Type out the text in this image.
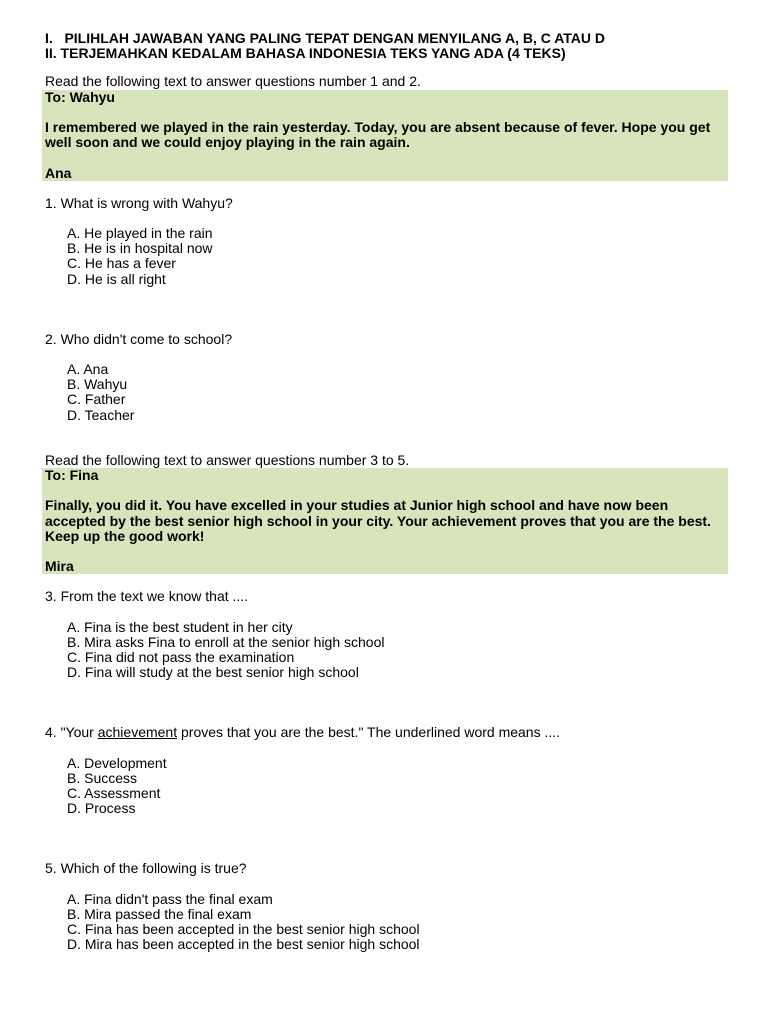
I.   PILIHLAH JAWABAN YANG PALING TEPAT DENGAN MENYILANG A, B, C ATAU D
II. TERJEMAHKAN KEDALAM BAHASA INDONESIA TEKS YANG ADA (4 TEKS)
Read the following text to answer questions number 1 and 2.

To: Wahyu

I remembered we played in the rain yesterday. Today, you are absent because of fever. Hope you get well soon and we could enjoy playing in the rain again.

Ana

1. What is wrong with Wahyu?
A. He played in the rain
B. He is in hospital now
C. He has a fever
D. He is all right
2. Who didn't come to school?
A. Ana
B. Wahyu
C. Father
D. Teacher
Read the following text to answer questions number 3 to 5.

To: Fina

Finally, you did it. You have excelled in your studies at Junior high school and have now been accepted by the best senior high school in your city. Your achievement proves that you are the best. Keep up the good work!

Mira

3. From the text we know that ....
A. Fina is the best student in her city
B. Mira asks Fina to enroll at the senior high school
C. Fina did not pass the examination
D. Fina will study at the best senior high school
4. "Your achievement proves that you are the best." The underlined word means ....
A. Development
B. Success
C. Assessment
D. Process
5. Which of the following is true?
A. Fina didn't pass the final exam
B. Mira passed the final exam
C. Fina has been accepted in the best senior high school
D. Mira has been accepted in the best senior high school
